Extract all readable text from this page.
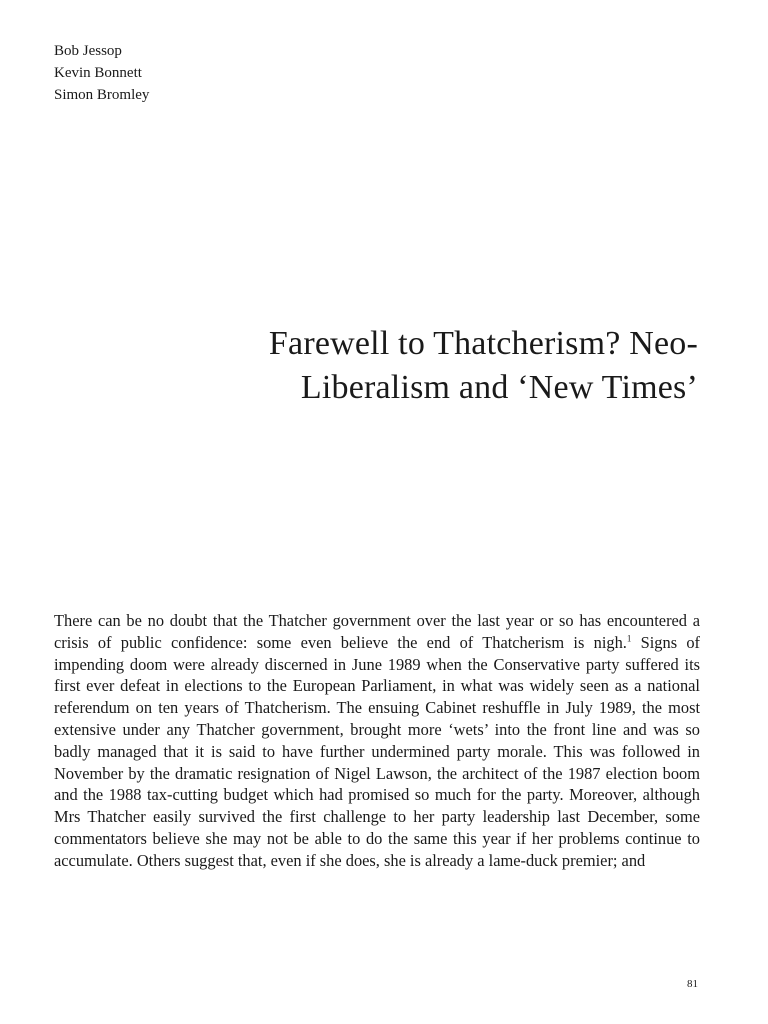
Bob Jessop
Kevin Bonnett
Simon Bromley
Farewell to Thatcherism? Neo-
Liberalism and ‘New Times’

There can be no doubt that the Thatcher government over the last year or so has encountered a crisis of public confidence: some even believe the end of Thatcherism is nigh.$^1$ Signs of impending doom were already discerned in June 1989 when the Conservative party suffered its first ever defeat in elections to the European Parliament, in what was widely seen as a national referendum on ten years of Thatcherism. The ensuing Cabinet reshuffle in July 1989, the most extensive under any Thatcher government, brought more ‘wets’ into the front line and was so badly managed that it is said to have further undermined party morale. This was followed in November by the dramatic resignation of Nigel Lawson, the architect of the 1987 election boom and the 1988 tax-cutting budget which had promised so much for the party. Moreover, although Mrs Thatcher easily survived the first challenge to her party leadership last December, some commentators believe she may not be able to do the same this year if her problems continue to accumulate. Others suggest that, even if she does, she is already a lame-duck premier; and

81
